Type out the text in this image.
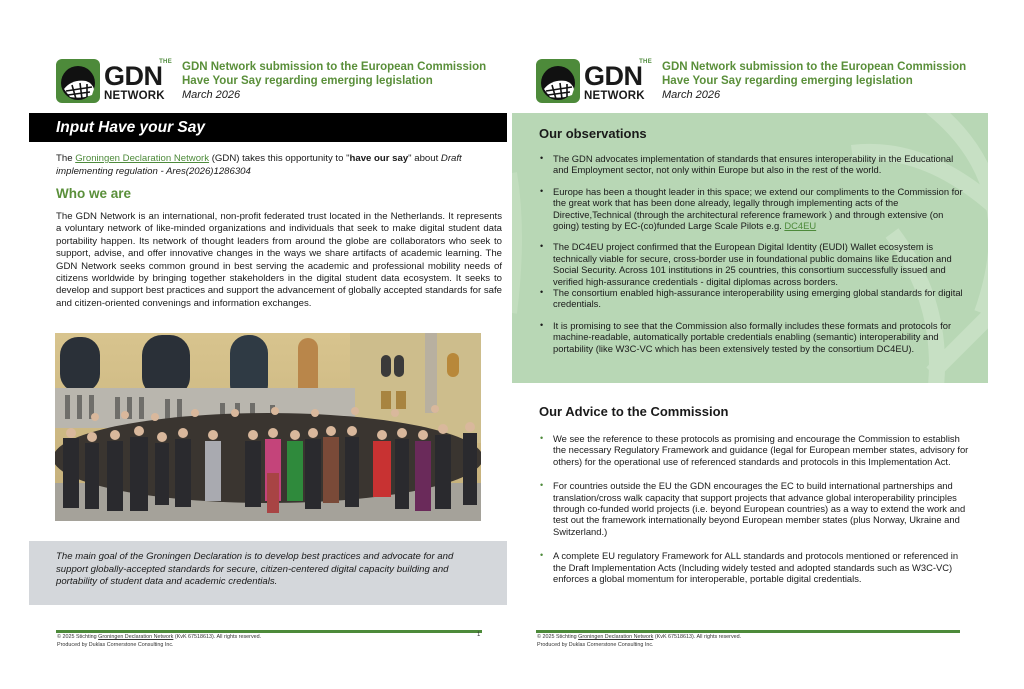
THE
GDN
NETWORK
GDN Network submission to the European Commission
Have Your Say regarding emerging legislation
March 2026
Input Have your Say

The Groningen Declaration Network (GDN) takes this opportunity to "have our say" about Draft implementing regulation - Ares(2026)1286304

Who we are

The GDN Network is an international, non-profit federated trust located in the Netherlands. It represents a voluntary network of like-minded organizations and individuals that seek to make digital student data portability happen. Its network of thought leaders from around the globe are collaborators who seek to support, advise, and offer innovative changes in the ways we share artifacts of academic learning. The GDN Network seeks common ground in best serving the academic and professional mobility needs of citizens worldwide by bringing together stakeholders in the digital student data ecosystem. It seeks to develop and support best practices and support the advancement of globally accepted standards for safe and citizen-oriented convenings and information exchanges.

The main goal of the Groningen Declaration is to develop best practices and advocate for and support globally-accepted standards for secure, citizen-centered digital capacity building and portability of student data and academic credentials.

© 2025 Stichting Groningen Declaration Network (KvK 67518613). All rights reserved.
Produced by Duklas Cornerstone Consulting Inc.
1
THE
GDN
NETWORK
GDN Network submission to the European Commission
Have Your Say regarding emerging legislation
March 2026
Our observations
• The GDN advocates implementation of standards that ensures interoperability in the Educational and Employment sector, not only within Europe but also in the rest of the world.
• Europe has been a thought leader in this space; we extend our compliments to the Commission for the great work that has been done already, legally through implementing acts of the Directive,Technical (through the architectural reference framework ) and through extensive (on going) testing by EC-(co)funded Large Scale Pilots e.g. DC4EU
• The DC4EU project confirmed that the European Digital Identity (EUDI) Wallet ecosystem is technically viable for secure, cross-border use in foundational public domains like Education and Social Security. Across 101 institutions in 25 countries, this consortium successfully issued and verified high-assurance credentials - digital diplomas across borders.
• The consortium enabled high-assurance interoperability using emerging global standards for digital credentials.
• It is promising to see that the Commission also formally includes these formats and protocols for machine-readable, automatically portable credentials enabling (semantic) interoperability and portability (like W3C-VC which has been extensively tested by the consortium DC4EU).
Our Advice to the Commission
• We see the reference to these protocols as promising and encourage the Commission to establish the necessary Regulatory Framework and guidance (legal for European member states, advisory for others) for the operational use of referenced standards and protocols in this Implementation Act.
• For countries outside the EU the GDN encourages the EC to build international partnerships and translation/cross walk capacity that support projects that advance global interoperability principles through co-funded world projects (i.e. beyond European countries) as a way to extend the work and test out the framework internationally beyond European member states (plus Norway, Ukraine and Switzerland.)
• A complete EU regulatory Framework for ALL standards and protocols mentioned or referenced in the Draft Implementation Acts (Including widely tested and adopted standards such as W3C-VC) enforces a global momentum for interoperable, portable digital credentials.
© 2025 Stichting Groningen Declaration Network (KvK 67518613). All rights reserved.
Produced by Duklas Cornerstone Consulting Inc.
